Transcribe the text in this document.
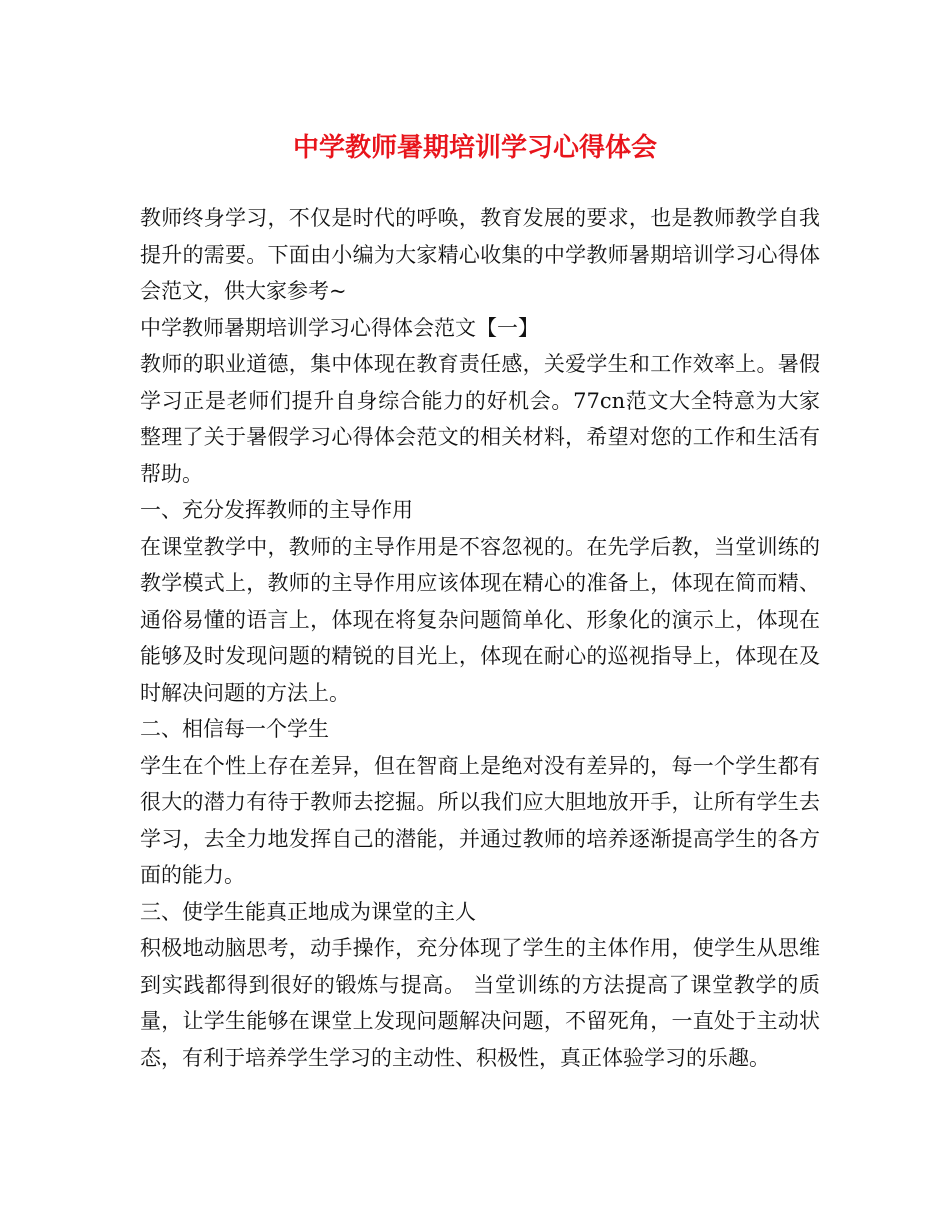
中学教师暑期培训学习心得体会

教师终身学习，不仅是时代的呼唤，教育发展的要求，也是教师教学自我提升的需要。下面由小编为大家精心收集的中学教师暑期培训学习心得体会范文，供大家参考~

中学教师暑期培训学习心得体会范文【一】

教师的职业道德，集中体现在教育责任感，关爱学生和工作效率上。暑假学习正是老师们提升自身综合能力的好机会。77cn范文大全特意为大家整理了关于暑假学习心得体会范文的相关材料，希望对您的工作和生活有帮助。

一、充分发挥教师的主导作用

在课堂教学中，教师的主导作用是不容忽视的。在先学后教，当堂训练的教学模式上，教师的主导作用应该体现在精心的准备上，体现在简而精、通俗易懂的语言上，体现在将复杂问题简单化、形象化的演示上，体现在能够及时发现问题的精锐的目光上，体现在耐心的巡视指导上，体现在及时解决问题的方法上。

二、相信每一个学生

学生在个性上存在差异，但在智商上是绝对没有差异的，每一个学生都有很大的潜力有待于教师去挖掘。所以我们应大胆地放开手，让所有学生去学习，去全力地发挥自己的潜能，并通过教师的培养逐渐提高学生的各方面的能力。

三、使学生能真正地成为课堂的主人

积极地动脑思考，动手操作，充分体现了学生的主体作用，使学生从思维到实践都得到很好的锻炼与提高。 当堂训练的方法提高了课堂教学的质量，让学生能够在课堂上发现问题解决问题，不留死角，一直处于主动状态，有利于培养学生学习的主动性、积极性，真正体验学习的乐趣。
